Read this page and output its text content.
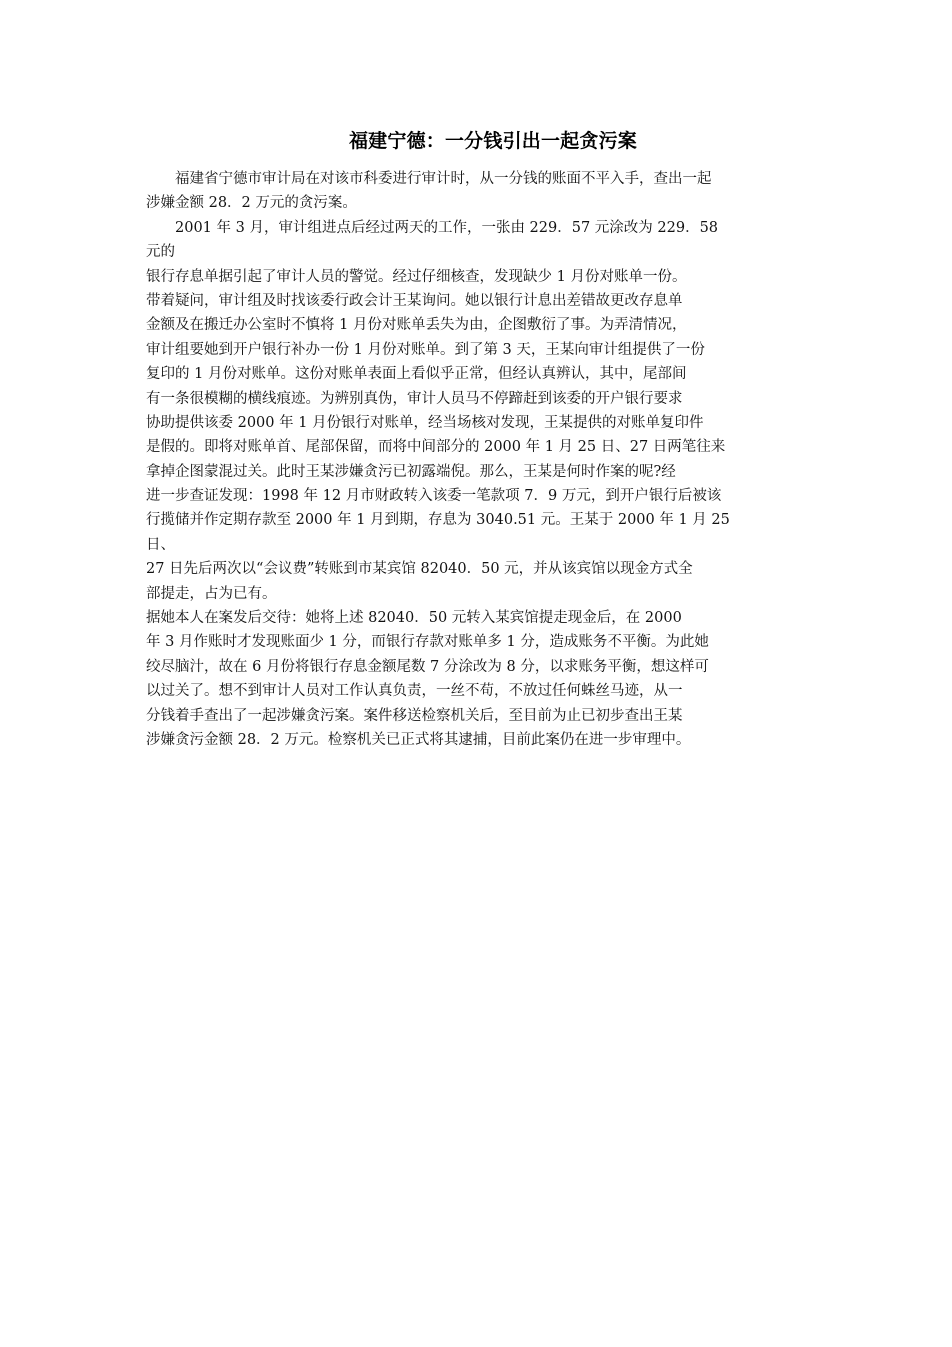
福建宁德：一分钱引出一起贪污案
　　福建省宁德市审计局在对该市科委进行审计时，从一分钱的账面不平入手，查出一起
涉嫌金额 28．2 万元的贪污案。
　　2001 年 3 月，审计组进点后经过两天的工作，一张由 229．57 元涂改为 229．58
元的
银行存息单据引起了审计人员的警觉。经过仔细核查，发现缺少 1 月份对账单一份。
带着疑问，审计组及时找该委行政会计王某询问。她以银行计息出差错故更改存息单
金额及在搬迁办公室时不慎将 1 月份对账单丢失为由，企图敷衍了事。为弄清情况，
审计组要她到开户银行补办一份 1 月份对账单。到了第 3 天，王某向审计组提供了一份
复印的 1 月份对账单。这份对账单表面上看似乎正常，但经认真辨认，其中，尾部间
有一条很模糊的横线痕迹。为辨别真伪，审计人员马不停蹄赶到该委的开户银行要求
协助提供该委 2000 年 1 月份银行对账单，经当场核对发现，王某提供的对账单复印件
是假的。即将对账单首、尾部保留，而将中间部分的 2000 年 1 月 25 日、27 日两笔往来
拿掉企图蒙混过关。此时王某涉嫌贪污已初露端倪。那么，王某是何时作案的呢?经
进一步查证发现：1998 年 12 月市财政转入该委一笔款项 7．9 万元，到开户银行后被该
行揽储并作定期存款至 2000 年 1 月到期，存息为 3040.51 元。王某于 2000 年 1 月 25
日、
27 日先后两次以“会议费”转账到市某宾馆 82040．50 元，并从该宾馆以现金方式全
部提走，占为已有。
据她本人在案发后交待：她将上述 82040．50 元转入某宾馆提走现金后，在 2000
年 3 月作账时才发现账面少 1 分，而银行存款对账单多 1 分，造成账务不平衡。为此她
绞尽脑汁，故在 6 月份将银行存息金额尾数 7 分涂改为 8 分，以求账务平衡，想这样可
以过关了。想不到审计人员对工作认真负责，一丝不苟，不放过任何蛛丝马迹，从一
分钱着手查出了一起涉嫌贪污案。案件移送检察机关后，至目前为止已初步查出王某
涉嫌贪污金额 28．2 万元。检察机关已正式将其逮捕，目前此案仍在进一步审理中。
